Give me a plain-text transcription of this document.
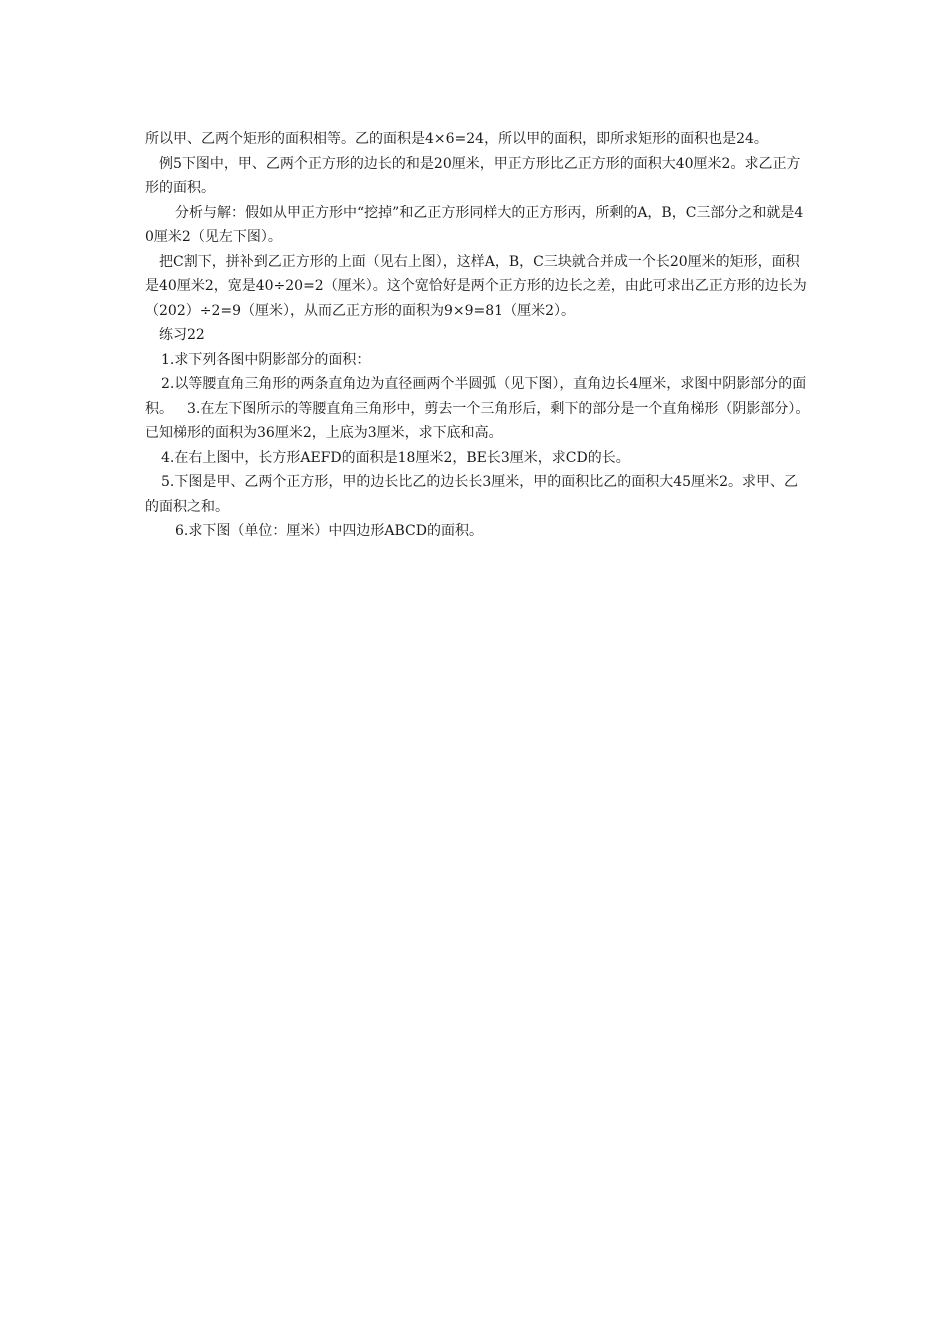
所以甲、乙两个矩形的面积相等。乙的面积是4×6=24，所以甲的面积，即所求矩形的面积也是24。

例5下图中，甲、乙两个正方形的边长的和是20厘米，甲正方形比乙正方形的面积大40厘米2。求乙正方形的面积。

分析与解：假如从甲正方形中“挖掉”和乙正方形同样大的正方形丙，所剩的A，B，C三部分之和就是40厘米2（见左下图）。

把C割下，拼补到乙正方形的上面（见右上图），这样A，B，C三块就合并成一个长20厘米的矩形，面积是40厘米2，宽是40÷20=2（厘米）。这个宽恰好是两个正方形的边长之差，由此可求出乙正方形的边长为（202）÷2=9（厘米），从而乙正方形的面积为9×9=81（厘米2）。

练习22

1.求下列各图中阴影部分的面积：

2.以等腰直角三角形的两条直角边为直径画两个半圆弧（见下图），直角边长4厘米，求图中阴影部分的面积。 3.在左下图所示的等腰直角三角形中，剪去一个三角形后，剩下的部分是一个直角梯形（阴影部分）。已知梯形的面积为36厘米2，上底为3厘米，求下底和高。

4.在右上图中，长方形AEFD的面积是18厘米2，BE长3厘米，求CD的长。

5.下图是甲、乙两个正方形，甲的边长比乙的边长长3厘米，甲的面积比乙的面积大45厘米2。求甲、乙的面积之和。

6.求下图（单位：厘米）中四边形ABCD的面积。
